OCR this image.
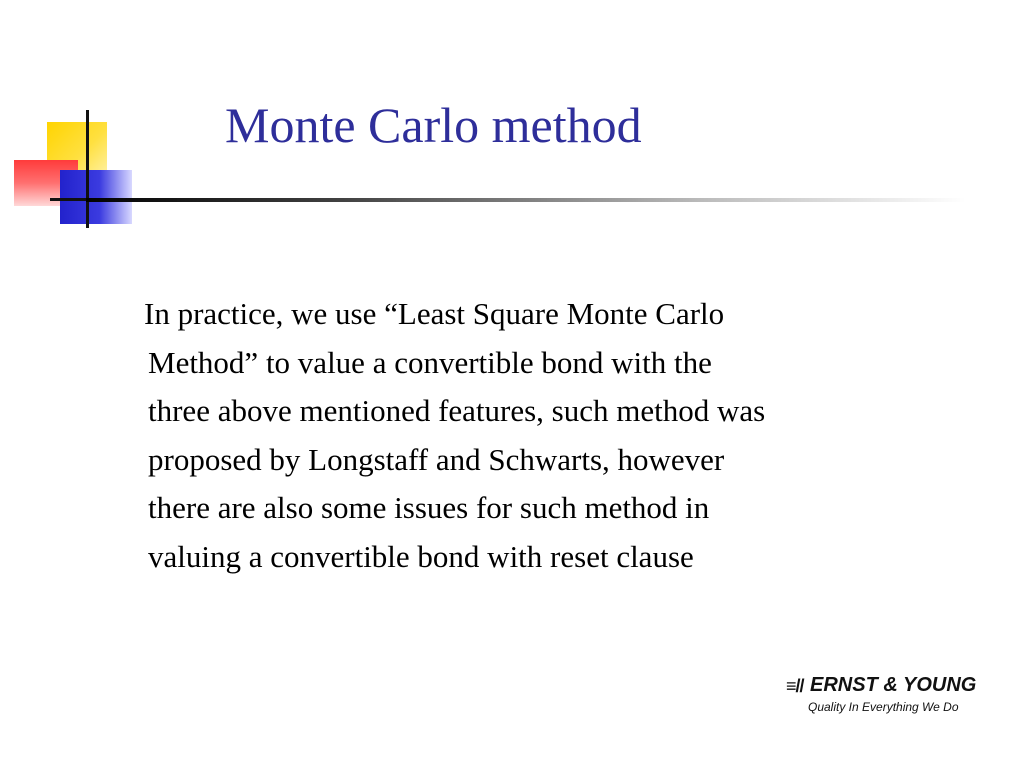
Monte Carlo method
In practice, we use “Least Square Monte Carlo
Method” to value a convertible bond with the
three above mentioned features, such method was
proposed by Longstaff and Schwarts, however
there are also some issues for such method in
valuing a convertible bond with reset clause
≡// ERNST & YOUNG
Quality In Everything We Do
